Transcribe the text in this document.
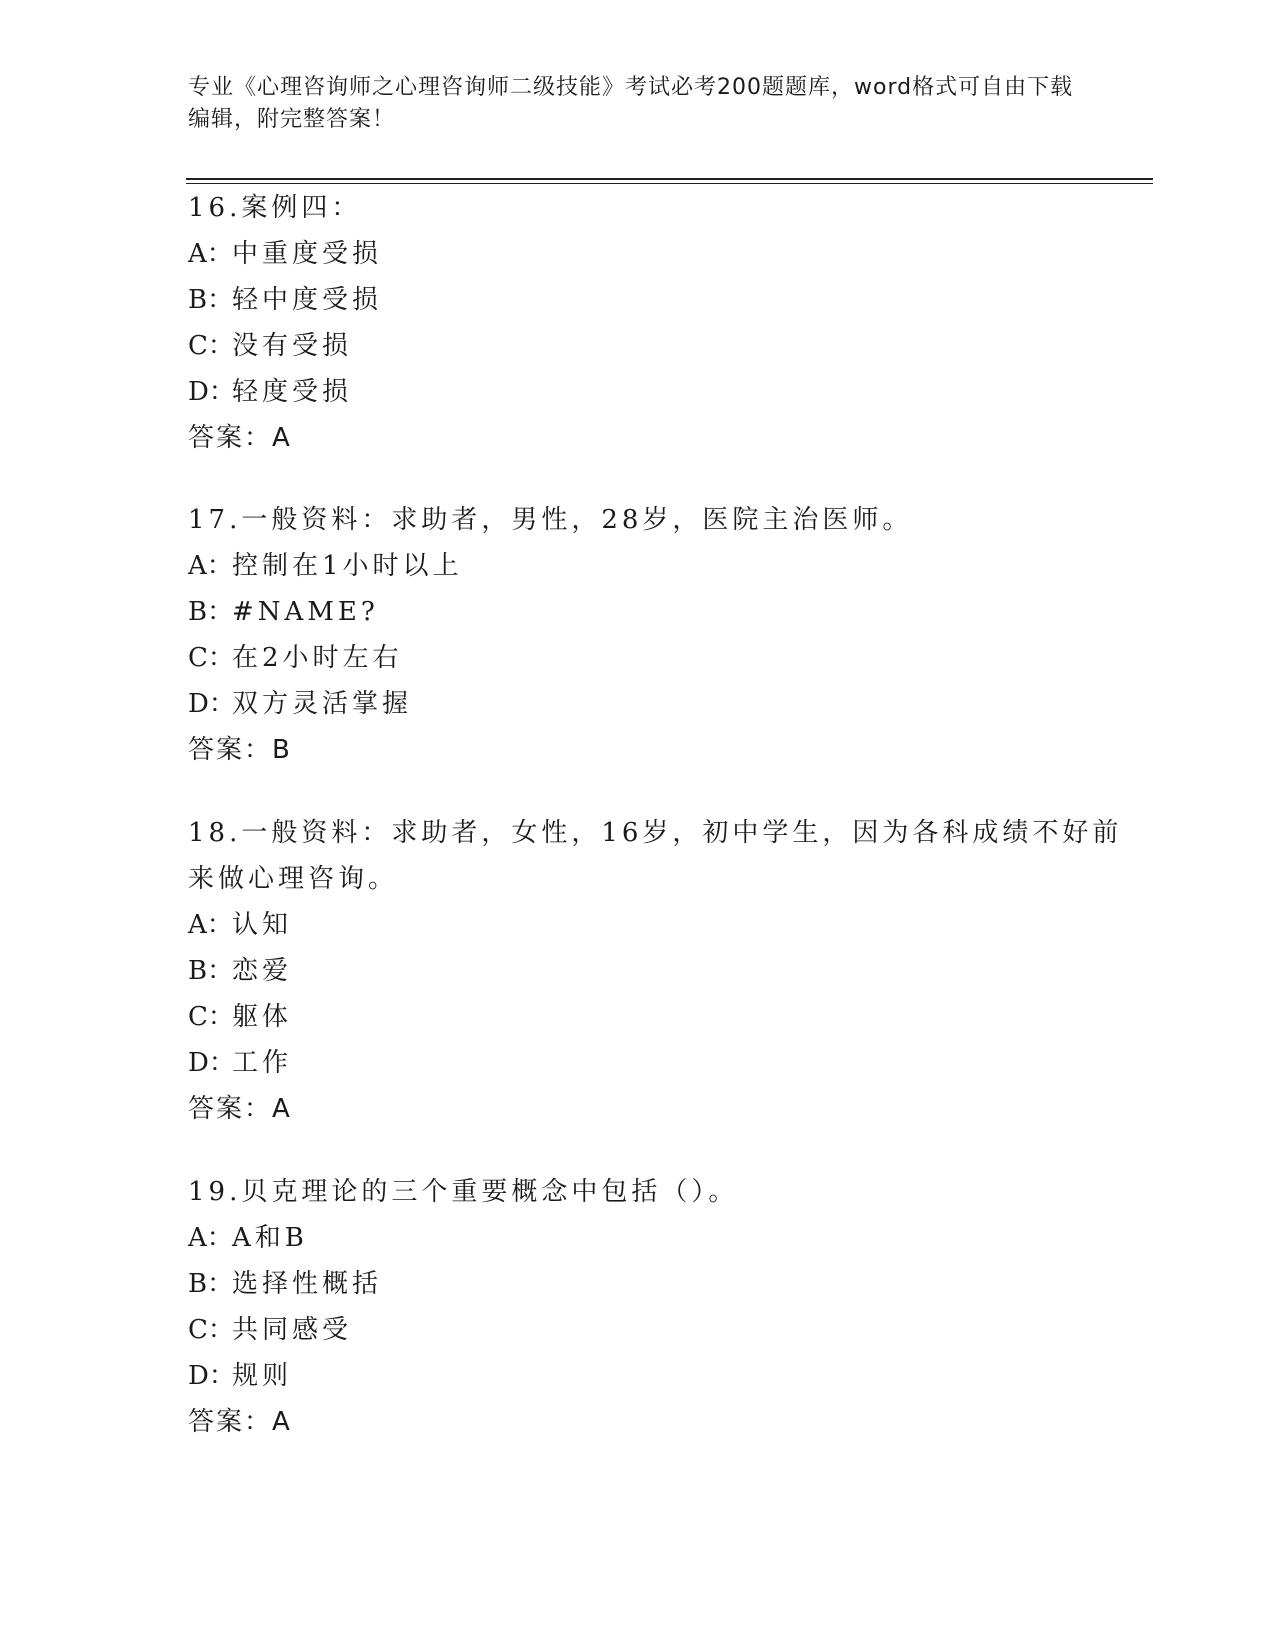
专业《心理咨询师之心理咨询师二级技能》考试必考200题题库，word格式可自由下载编辑，附完整答案！
16.案例四：
A：中重度受损
B：轻中度受损
C：没有受损
D：轻度受损
答案：A
17.一般资料：求助者，男性，28岁，医院主治医师。
A：控制在1小时以上
B：#NAME?
C：在2小时左右
D：双方灵活掌握
答案：B
18.一般资料：求助者，女性，16岁，初中学生，因为各科成绩不好前
来做心理咨询。
A：认知
B：恋爱
C：躯体
D：工作
答案：A
19.贝克理论的三个重要概念中包括（）。
A：A和B
B：选择性概括
C：共同感受
D：规则
答案：A
